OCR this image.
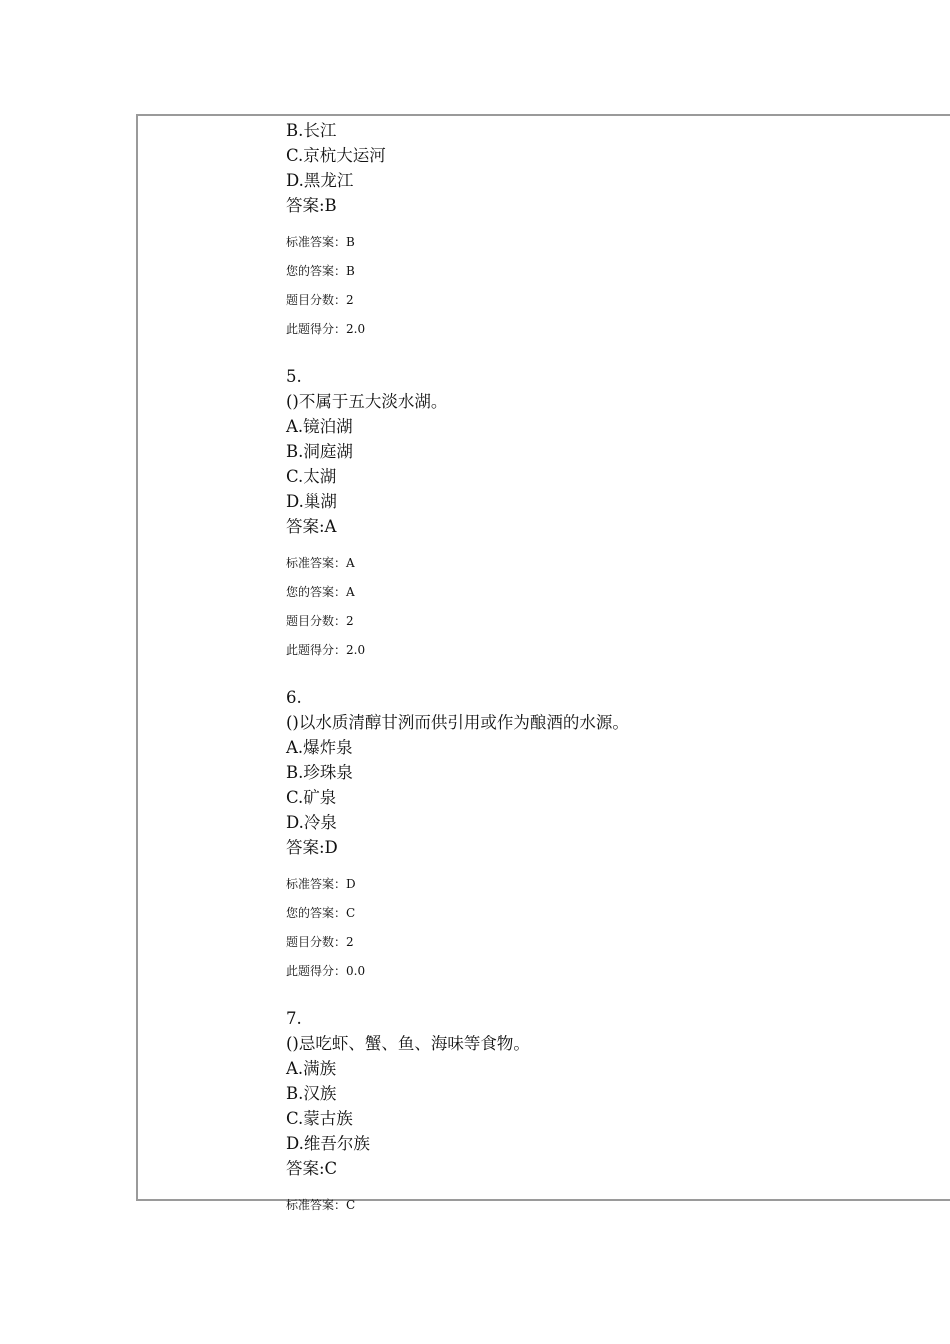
B.长江
C.京杭大运河
D.黑龙江
答案:B
标准答案：B
您的答案：B
题目分数：2
此题得分：2.0
5.
()不属于五大淡水湖。
A.镜泊湖
B.洞庭湖
C.太湖
D.巢湖
答案:A
标准答案：A
您的答案：A
题目分数：2
此题得分：2.0
6.
()以水质清醇甘洌而供引用或作为酿酒的水源。
A.爆炸泉
B.珍珠泉
C.矿泉
D.冷泉
答案:D
标准答案：D
您的答案：C
题目分数：2
此题得分：0.0
7.
()忌吃虾、蟹、鱼、海味等食物。
A.满族
B.汉族
C.蒙古族
D.维吾尔族
答案:C
标准答案：C
